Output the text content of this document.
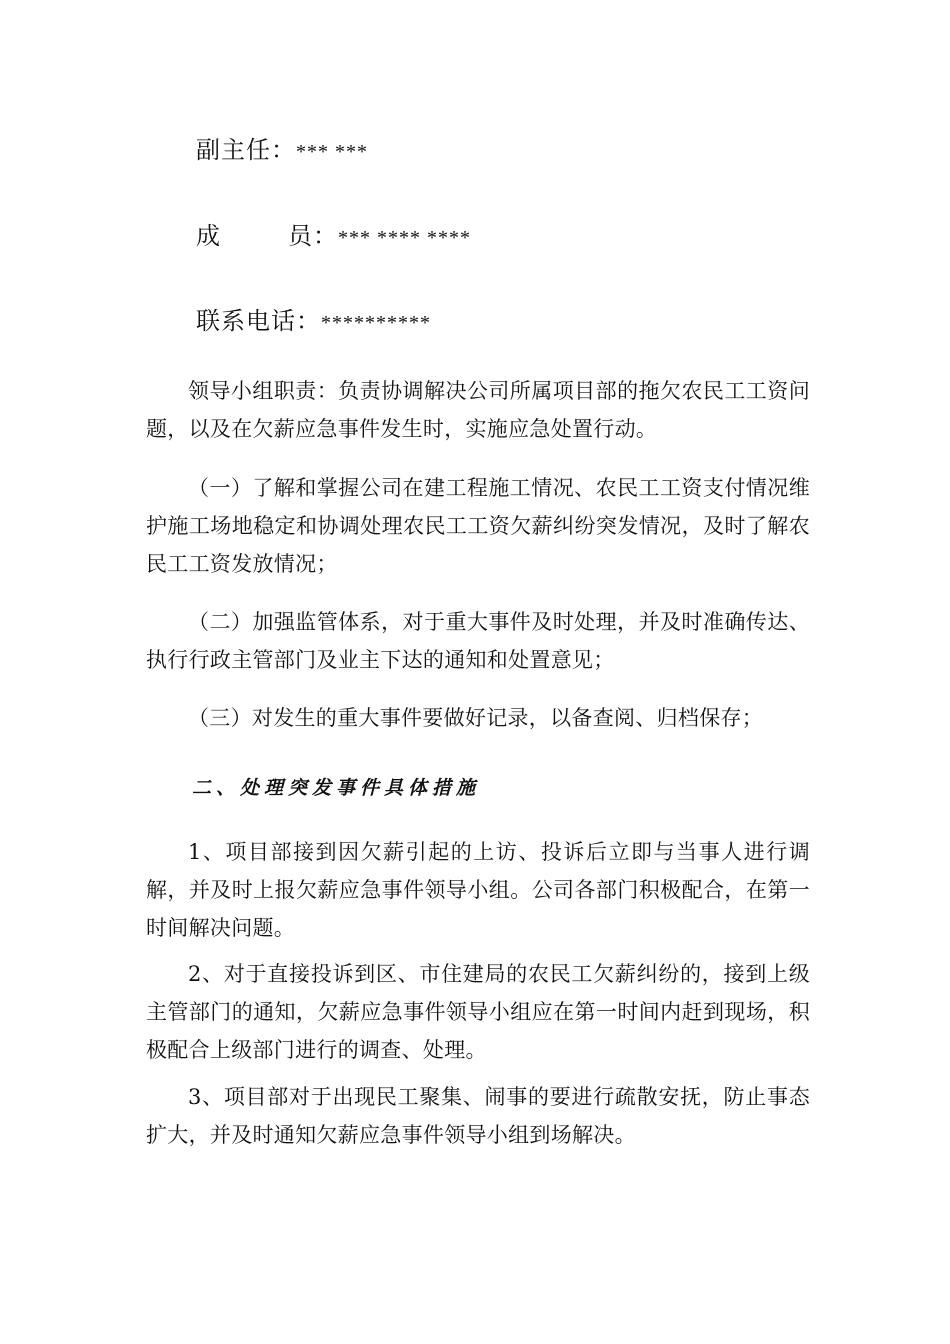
副主任：*** ***
成	员：*** **** ****
联系电话：**********

领导小组职责：负责协调解决公司所属项目部的拖欠农民工工资问题，以及在欠薪应急事件发生时，实施应急处置行动。

（一）了解和掌握公司在建工程施工情况、农民工工资支付情况维护施工场地稳定和协调处理农民工工资欠薪纠纷突发情况，及时了解农民工工资发放情况；

（二）加强监管体系，对于重大事件及时处理，并及时准确传达、执行行政主管部门及业主下达的通知和处置意见；

（三）对发生的重大事件要做好记录，以备查阅、归档保存；

二、处理突发事件具体措施

1、项目部接到因欠薪引起的上访、投诉后立即与当事人进行调解，并及时上报欠薪应急事件领导小组。公司各部门积极配合，在第一时间解决问题。

2、对于直接投诉到区、市住建局的农民工欠薪纠纷的，接到上级主管部门的通知，欠薪应急事件领导小组应在第一时间内赶到现场，积极配合上级部门进行的调查、处理。

3、项目部对于出现民工聚集、闹事的要进行疏散安抚，防止事态扩大，并及时通知欠薪应急事件领导小组到场解决。
